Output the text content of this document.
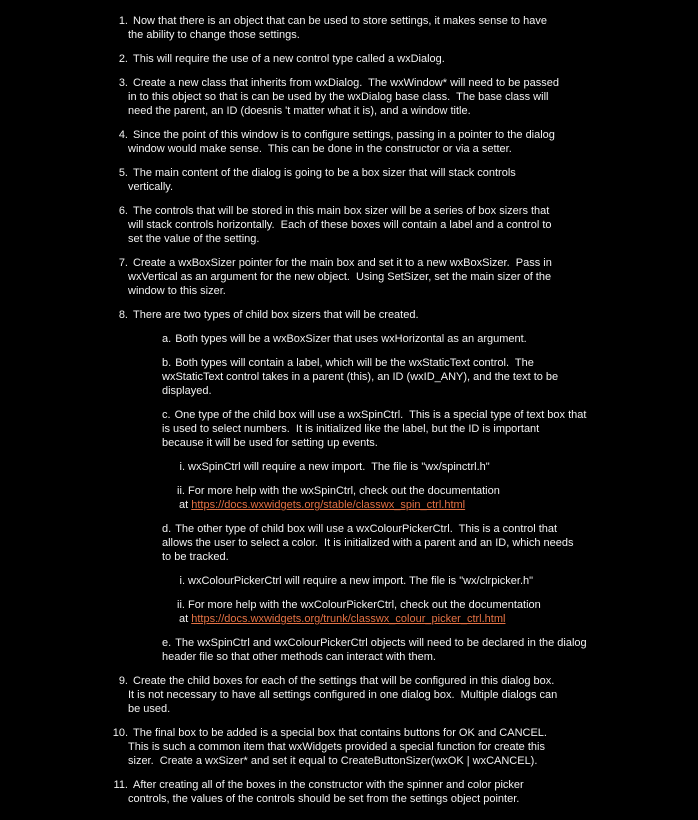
1. Now that there is an object that can be used to store settings, it makes sense to have
the ability to change those settings.
2. This will require the use of a new control type called a wxDialog.
3. Create a new class that inherits from wxDialog.  The wxWindow* will need to be passed
in to this object so that is can be used by the wxDialog base class.  The base class will
need the parent, an ID (doesnis 't matter what it is), and a window title.
4. Since the point of this window is to configure settings, passing in a pointer to the dialog
window would make sense.  This can be done in the constructor or via a setter.
5. The main content of the dialog is going to be a box sizer that will stack controls
vertically.
6. The controls that will be stored in this main box sizer will be a series of box sizers that
will stack controls horizontally.  Each of these boxes will contain a label and a control to
set the value of the setting.
7. Create a wxBoxSizer pointer for the main box and set it to a new wxBoxSizer.  Pass in
wxVertical as an argument for the new object.  Using SetSizer, set the main sizer of the
window to this sizer.
8. There are two types of child box sizers that will be created.
a. Both types will be a wxBoxSizer that uses wxHorizontal as an argument.
b. Both types will contain a label, which will be the wxStaticText control.  The
wxStaticText control takes in a parent (this), an ID (wxID_ANY), and the text to be
displayed.
c. One type of the child box will use a wxSpinCtrl.  This is a special type of text box that
is used to select numbers.  It is initialized like the label, but the ID is important
because it will be used for setting up events.
i. wxSpinCtrl will require a new import.  The file is "wx/spinctrl.h"
ii. For more help with the wxSpinCtrl, check out the documentation
at https://docs.wxwidgets.org/stable/classwx_spin_ctrl.html
d. The other type of child box will use a wxColourPickerCtrl.  This is a control that
allows the user to select a color.  It is initialized with a parent and an ID, which needs
to be tracked.
i. wxColourPickerCtrl will require a new import. The file is "wx/clrpicker.h"
ii. For more help with the wxColourPickerCtrl, check out the documentation
at https://docs.wxwidgets.org/trunk/classwx_colour_picker_ctrl.html
e. The wxSpinCtrl and wxColourPickerCtrl objects will need to be declared in the dialog
header file so that other methods can interact with them.
9. Create the child boxes for each of the settings that will be configured in this dialog box.
It is not necessary to have all settings configured in one dialog box.  Multiple dialogs can
be used.
10. The final box to be added is a special box that contains buttons for OK and CANCEL.
This is such a common item that wxWidgets provided a special function for create this
sizer.  Create a wxSizer* and set it equal to CreateButtonSizer(wxOK | wxCANCEL).
11. After creating all of the boxes in the constructor with the spinner and color picker
controls, the values of the controls should be set from the settings object pointer.
